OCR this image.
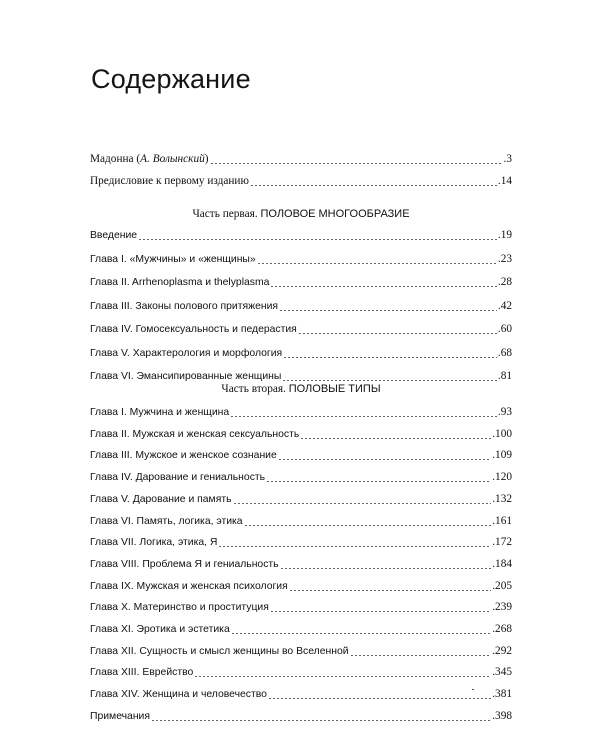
Содержание
Мадонна (А. Волынский)	.3
Предисловие к первому изданию	.14
Часть первая. ПОЛОВОЕ МНОГООБРАЗИЕ
Введение	.19
Глава I. «Мужчины» и «женщины»	.23
Глава II. Arrhenoplasma и thelyplasma	.28
Глава III. Законы полового притяжения	.42
Глава IV. Гомосексуальность и педерастия	.60
Глава V. Характерология и морфология	.68
Глава VI. Эмансипированные женщины	.81
Часть вторая. ПОЛОВЫЕ ТИПЫ
Глава I. Мужчина и женщина	.93
Глава II. Мужская и женская сексуальность	.100
Глава III. Мужское и женское сознание	.109
Глава IV. Дарование и гениальность	.120
Глава V. Дарование и память	.132
Глава VI. Память, логика, этика	.161
Глава VII. Логика, этика, Я	.172
Глава VIII. Проблема Я и гениальность	.184
Глава IX. Мужская и женская психология	.205
Глава X. Материнство и проституция	.239
Глава XI. Эротика и эстетика	.268
Глава XII. Сущность и смысл женщины во Вселенной	.292
Глава XIII. Еврейство	.345
Глава XIV. Женщина и человечество	.381
Примечания	.398
